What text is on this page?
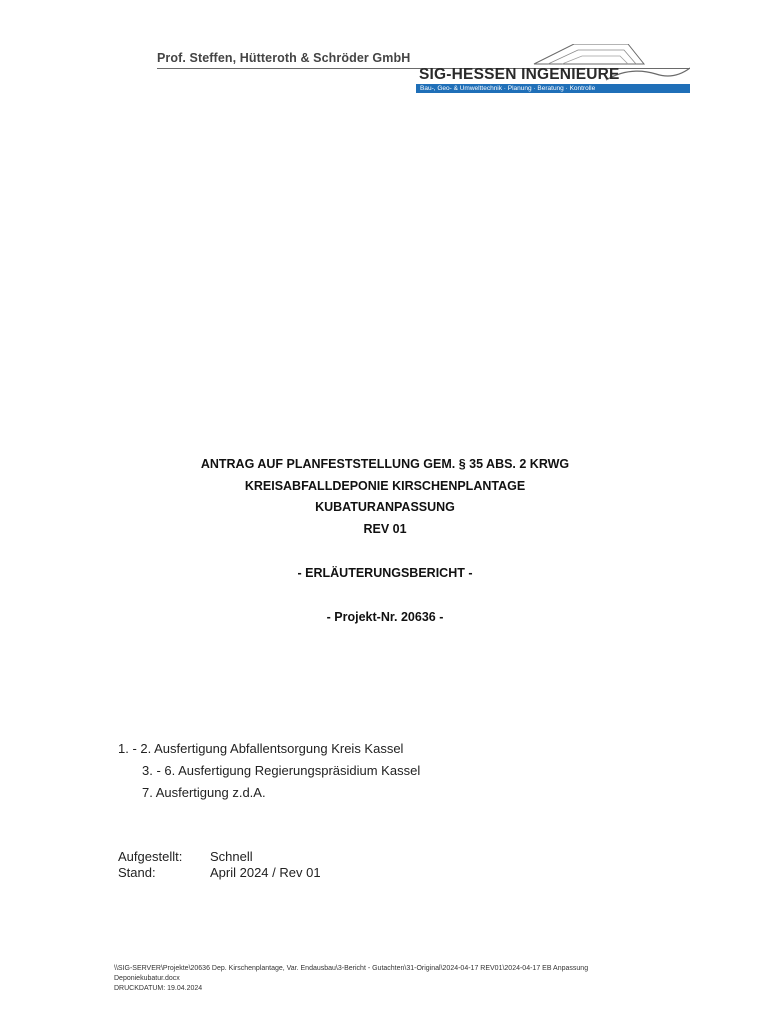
Prof. Steffen, Hütteroth & Schröder GmbH
SIG-HESSEN INGENIEURE
Bau-, Geo- & Umwelttechnik · Planung · Beratung · Kontrolle
ANTRAG AUF PLANFESTSTELLUNG GEM. § 35 ABS. 2 KRWG
KREISABFALLDEPONIE KIRSCHENPLANTAGE
KUBATURANPASSUNG
REV 01
- ERLÄUTERUNGSBERICHT -
- Projekt-Nr. 20636 -
1. - 2. Ausfertigung Abfallentsorgung Kreis Kassel
3. - 6. Ausfertigung Regierungspräsidium Kassel
7. Ausfertigung z.d.A.
Aufgestellt: Schnell
Stand:	April 2024 / Rev 01
\\SIG-SERVER\Projekte\20636 Dep. Kirschenplantage, Var. Endausbau\3-Bericht - Gutachten\31-Original\2024-04-17 REV01\2024-04-17 EB Anpassung
Deponiekubatur.docx
DRUCKDATUM: 19.04.2024
